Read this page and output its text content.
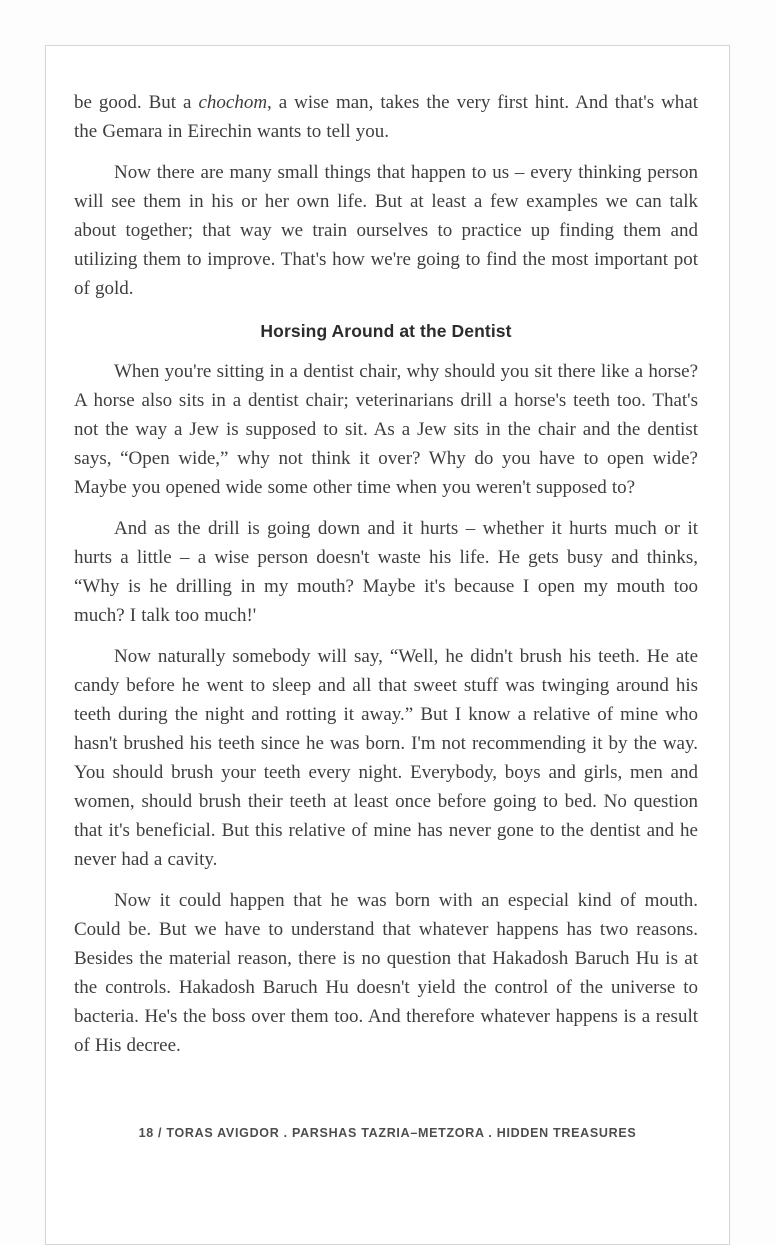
be good. But a chochom, a wise man, takes the very first hint. And that's what the Gemara in Eirechin wants to tell you.

Now there are many small things that happen to us – every thinking person will see them in his or her own life. But at least a few examples we can talk about together; that way we train ourselves to practice up finding them and utilizing them to improve. That's how we're going to find the most important pot of gold.

Horsing Around at the Dentist

When you're sitting in a dentist chair, why should you sit there like a horse? A horse also sits in a dentist chair; veterinarians drill a horse's teeth too. That's not the way a Jew is supposed to sit. As a Jew sits in the chair and the dentist says, “Open wide,” why not think it over? Why do you have to open wide? Maybe you opened wide some other time when you weren't supposed to?

And as the drill is going down and it hurts – whether it hurts much or it hurts a little – a wise person doesn't waste his life. He gets busy and thinks, “Why is he drilling in my mouth? Maybe it's because I open my mouth too much? I talk too much!'

Now naturally somebody will say, “Well, he didn't brush his teeth. He ate candy before he went to sleep and all that sweet stuff was twinging around his teeth during the night and rotting it away.” But I know a relative of mine who hasn't brushed his teeth since he was born. I'm not recommending it by the way. You should brush your teeth every night. Everybody, boys and girls, men and women, should brush their teeth at least once before going to bed. No question that it's beneficial. But this relative of mine has never gone to the dentist and he never had a cavity.

Now it could happen that he was born with an especial kind of mouth. Could be. But we have to understand that whatever happens has two reasons. Besides the material reason, there is no question that Hakadosh Baruch Hu is at the controls. Hakadosh Baruch Hu doesn't yield the control of the universe to bacteria. He's the boss over them too. And therefore whatever happens is a result of His decree.

18 / TORAS AVIGDOR . PARSHAS TAZRIA–METZORA . HIDDEN TREASURES
